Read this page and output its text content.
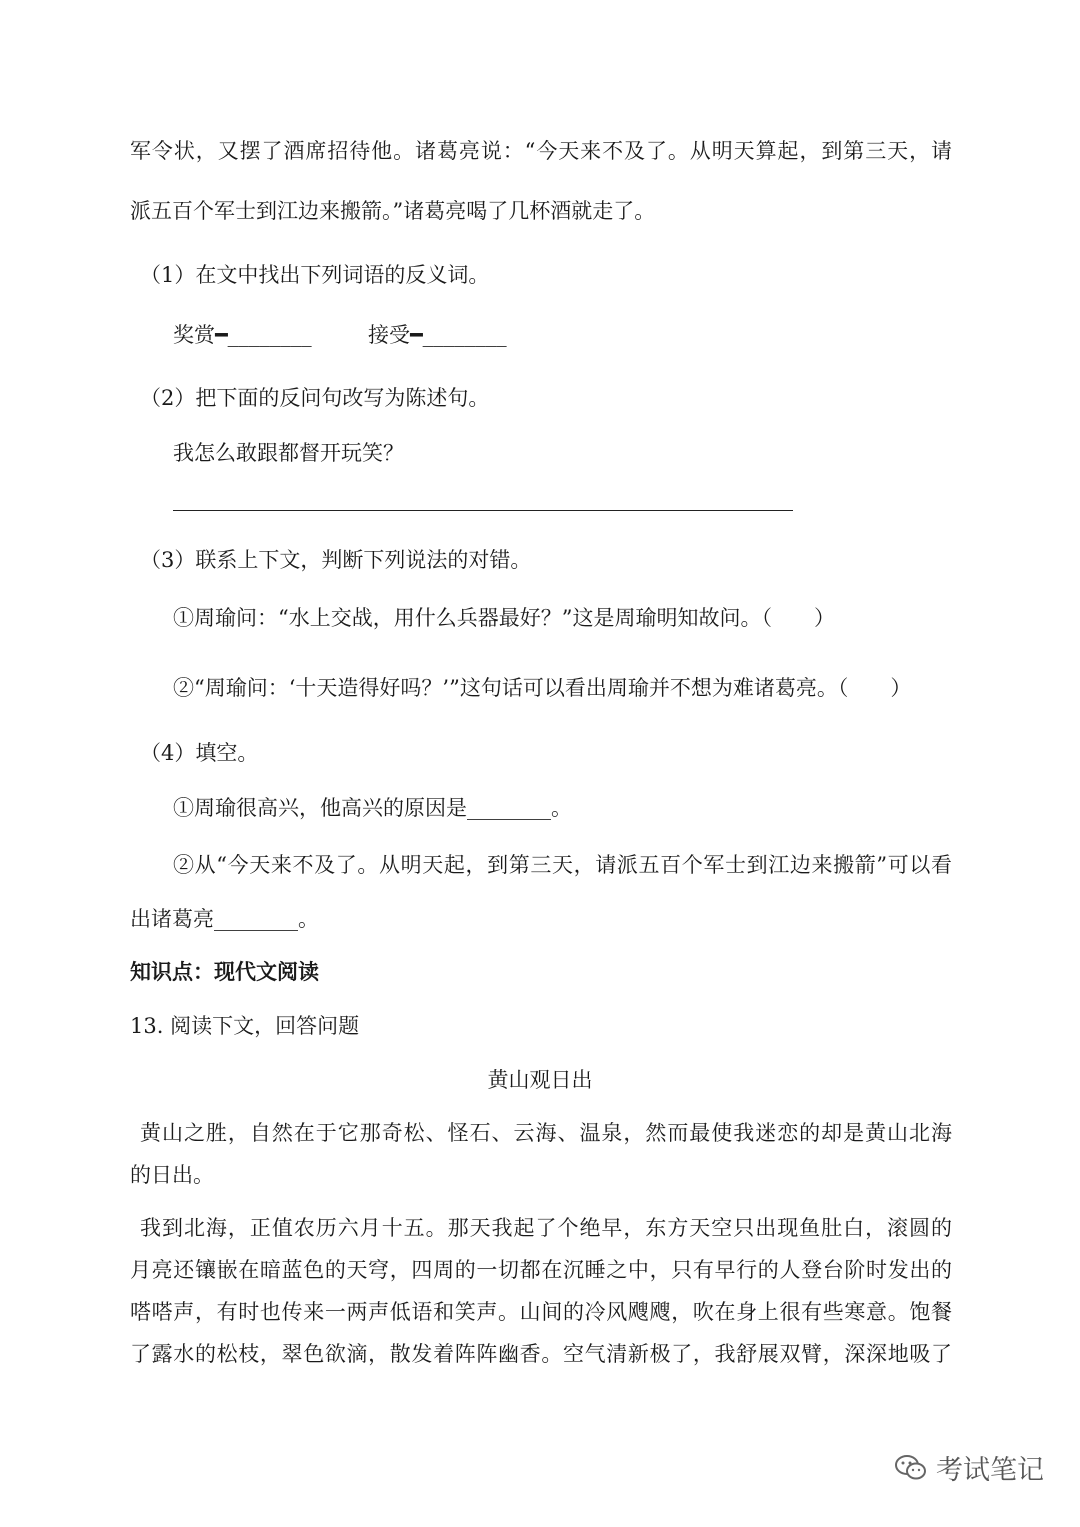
军令状，又摆了酒席招待他。诸葛亮说：“今天来不及了。从明天算起，到第三天，请
派五百个军士到江边来搬箭。”诸葛亮喝了几杯酒就走了。
（1）在文中找出下列词语的反义词。
奖赏━________	接受━________
（2）把下面的反问句改写为陈述句。
我怎么敢跟都督开玩笑？
（3）联系上下文，判断下列说法的对错。
①周瑜问：“水上交战，用什么兵器最好？”这是周瑜明知故问。（　　）
②“周瑜问：‘十天造得好吗？’”这句话可以看出周瑜并不想为难诸葛亮。（　　）
（4）填空。
①周瑜很高兴，他高兴的原因是________。
②从“今天来不及了。从明天起，到第三天，请派五百个军士到江边来搬箭”可以看
出诸葛亮________。
知识点：现代文阅读
13. 阅读下文，回答问题
黄山观日出
黄山之胜，自然在于它那奇松、怪石、云海、温泉，然而最使我迷恋的却是黄山北海
的日出。
我到北海，正值农历六月十五。那天我起了个绝早，东方天空只出现鱼肚白，滚圆的
月亮还镶嵌在暗蓝色的天穹，四周的一切都在沉睡之中，只有早行的人登台阶时发出的
嗒嗒声，有时也传来一两声低语和笑声。山间的冷风飕飕，吹在身上很有些寒意。饱餐
了露水的松枝，翠色欲滴，散发着阵阵幽香。空气清新极了，我舒展双臂，深深地吸了
考试笔记
